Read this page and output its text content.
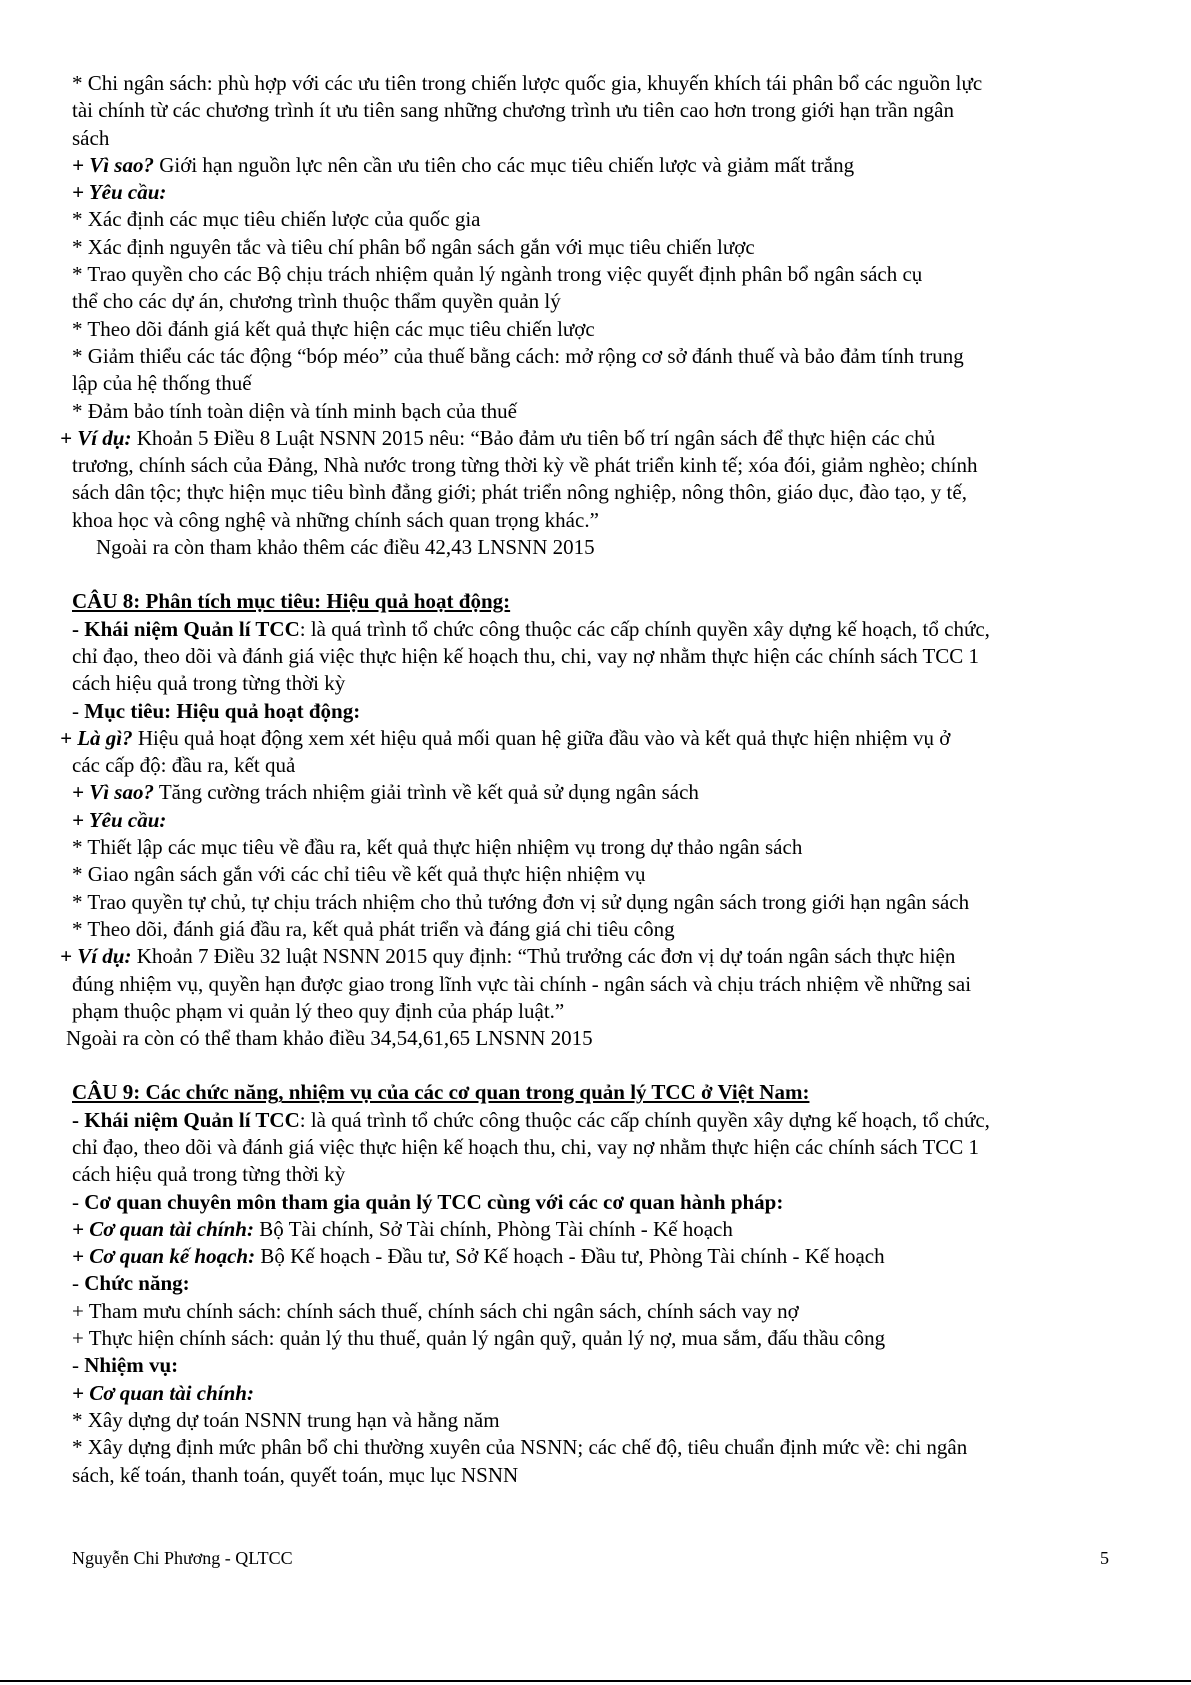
* Chi ngân sách: phù hợp với các ưu tiên trong chiến lược quốc gia, khuyến khích tái phân bổ các nguồn lực
tài chính từ các chương trình ít ưu tiên sang những chương trình ưu tiên cao hơn trong giới hạn trần ngân
sách
+ Vì sao? Giới hạn nguồn lực nên cần ưu tiên cho các mục tiêu chiến lược và giảm mất trắng
+ Yêu cầu:
* Xác định các mục tiêu chiến lược của quốc gia
* Xác định nguyên tắc và tiêu chí phân bổ ngân sách gắn với mục tiêu chiến lược
* Trao quyền cho các Bộ chịu trách nhiệm quản lý ngành trong việc quyết định phân bổ ngân sách cụ
thể cho các dự án, chương trình thuộc thẩm quyền quản lý
* Theo dõi đánh giá kết quả thực hiện các mục tiêu chiến lược
* Giảm thiểu các tác động “bóp méo” của thuế bằng cách: mở rộng cơ sở đánh thuế và bảo đảm tính trung
lập của hệ thống thuế
* Đảm bảo tính toàn diện và tính minh bạch của thuế
+ Ví dụ: Khoản 5 Điều 8 Luật NSNN 2015 nêu: “Bảo đảm ưu tiên bố trí ngân sách để thực hiện các chủ
trương, chính sách của Đảng, Nhà nước trong từng thời kỳ về phát triển kinh tế; xóa đói, giảm nghèo; chính
sách dân tộc; thực hiện mục tiêu bình đẳng giới; phát triển nông nghiệp, nông thôn, giáo dục, đào tạo, y tế,
khoa học và công nghệ và những chính sách quan trọng khác.”
Ngoài ra còn tham khảo thêm các điều 42,43 LNSNN 2015
CÂU 8: Phân tích mục tiêu: Hiệu quả hoạt động:
- Khái niệm Quản lí TCC: là quá trình tổ chức công thuộc các cấp chính quyền xây dựng kế hoạch, tổ chức,
chỉ đạo, theo dõi và đánh giá việc thực hiện kế hoạch thu, chi, vay nợ nhằm thực hiện các chính sách TCC 1
cách hiệu quả trong từng thời kỳ
- Mục tiêu: Hiệu quả hoạt động:
+ Là gì? Hiệu quả hoạt động xem xét hiệu quả mối quan hệ giữa đầu vào và kết quả thực hiện nhiệm vụ ở
các cấp độ: đầu ra, kết quả
+ Vì sao? Tăng cường trách nhiệm giải trình về kết quả sử dụng ngân sách
+ Yêu cầu:
* Thiết lập các mục tiêu về đầu ra, kết quả thực hiện nhiệm vụ trong dự thảo ngân sách
* Giao ngân sách gắn với các chỉ tiêu về kết quả thực hiện nhiệm vụ
* Trao quyền tự chủ, tự chịu trách nhiệm cho thủ tướng đơn vị sử dụng ngân sách trong giới hạn ngân sách
* Theo dõi, đánh giá đầu ra, kết quả phát triển và đáng giá chi tiêu công
+ Ví dụ: Khoản 7 Điều 32 luật NSNN 2015 quy định: “Thủ trưởng các đơn vị dự toán ngân sách thực hiện
đúng nhiệm vụ, quyền hạn được giao trong lĩnh vực tài chính - ngân sách và chịu trách nhiệm về những sai
phạm thuộc phạm vi quản lý theo quy định của pháp luật.”
Ngoài ra còn có thể tham khảo điều 34,54,61,65 LNSNN 2015
CÂU 9: Các chức năng, nhiệm vụ của các cơ quan trong quản lý TCC ở Việt Nam:
- Khái niệm Quản lí TCC: là quá trình tổ chức công thuộc các cấp chính quyền xây dựng kế hoạch, tổ chức,
chỉ đạo, theo dõi và đánh giá việc thực hiện kế hoạch thu, chi, vay nợ nhằm thực hiện các chính sách TCC 1
cách hiệu quả trong từng thời kỳ
- Cơ quan chuyên môn tham gia quản lý TCC cùng với các cơ quan hành pháp:
+ Cơ quan tài chính: Bộ Tài chính, Sở Tài chính, Phòng Tài chính - Kế hoạch
+ Cơ quan kế hoạch: Bộ Kế hoạch - Đầu tư, Sở Kế hoạch - Đầu tư, Phòng Tài chính - Kế hoạch
- Chức năng:
+ Tham mưu chính sách: chính sách thuế, chính sách chi ngân sách, chính sách vay nợ
+ Thực hiện chính sách: quản lý thu thuế, quản lý ngân quỹ, quản lý nợ, mua sắm, đấu thầu công
- Nhiệm vụ:
+ Cơ quan tài chính:
* Xây dựng dự toán NSNN trung hạn và hằng năm
* Xây dựng định mức phân bổ chi thường xuyên của NSNN; các chế độ, tiêu chuẩn định mức về: chi ngân
sách, kế toán, thanh toán, quyết toán, mục lục NSNN
Nguyễn Chi Phương - QLTCC	5
